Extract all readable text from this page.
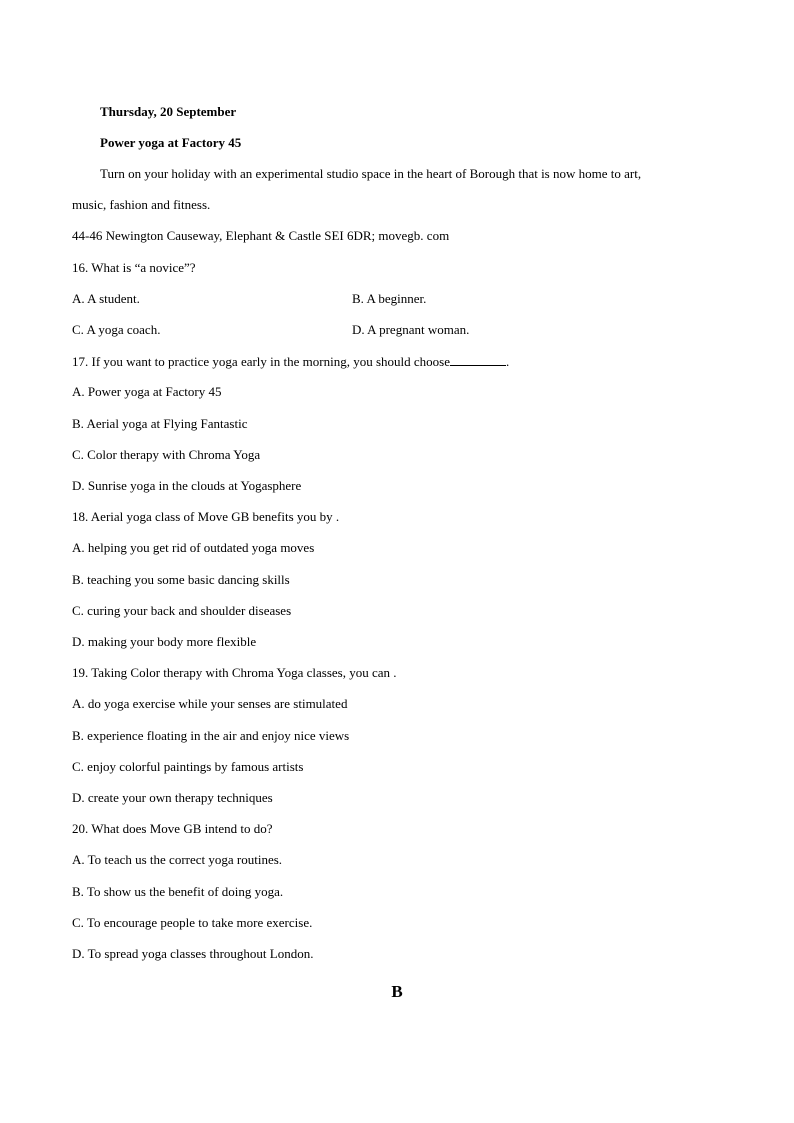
Thursday, 20 September
Power yoga at Factory 45
Turn on your holiday with an experimental studio space in the heart of Borough that is now home to art,
music, fashion and fitness.
44-46 Newington Causeway, Elephant & Castle SEI 6DR; movegb. com
16. What is “a novice”?
A. A student.	B. A beginner.
C. A yoga coach.	D. A pregnant woman.
17. If you want to practice yoga early in the morning, you should choose	.
A. Power yoga at Factory 45
B. Aerial yoga at Flying Fantastic
C. Color therapy with Chroma Yoga
D. Sunrise yoga in the clouds at Yogasphere
18. Aerial yoga class of Move GB benefits you by .
A. helping you get rid of outdated yoga moves
B. teaching you some basic dancing skills
C. curing your back and shoulder diseases
D. making your body more flexible
19. Taking Color therapy with Chroma Yoga classes, you can .
A. do yoga exercise while your senses are stimulated
B. experience floating in the air and enjoy nice views
C. enjoy colorful paintings by famous artists
D. create your own therapy techniques
20. What does Move GB intend to do?
A. To teach us the correct yoga routines.
B. To show us the benefit of doing yoga.
C. To encourage people to take more exercise.
D. To spread yoga classes throughout London.
B
